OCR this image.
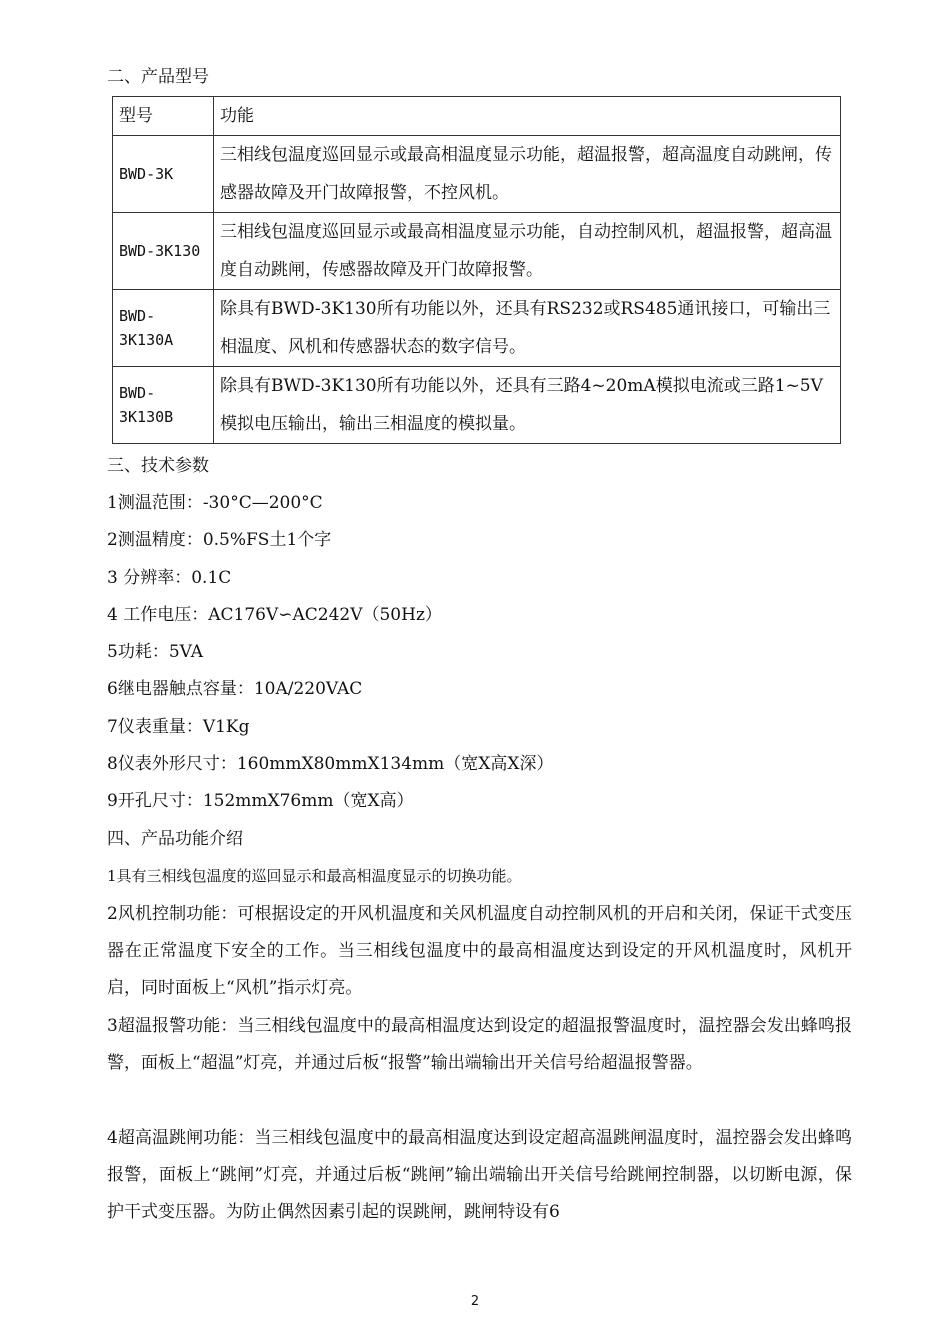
二、产品型号
型号	功能
BWD-3K	三相线包温度巡回显示或最高相温度显示功能，超温报警，超高温度自动跳闸，传感器故障及开门故障报警，不控风机。
BWD-3K130	三相线包温度巡回显示或最高相温度显示功能，自动控制风机，超温报警，超高温度自动跳闸，传感器故障及开门故障报警。
BWD-3K130A	除具有BWD-3K130所有功能以外，还具有RS232或RS485通讯接口，可输出三相温度、风机和传感器状态的数字信号。
BWD-3K130B	除具有BWD-3K130所有功能以外，还具有三路4~20mA模拟电流或三路1~5V模拟电压输出，输出三相温度的模拟量。
三、技术参数
1测温范围：-30°C—200°C
2测温精度：0.5%FS土1个字
3 分辨率：0.1C
4 工作电压：AC176V∽AC242V（50Hz）
5功耗：5VA
6继电器触点容量：10A/220VAC
7仪表重量：V1Kg
8仪表外形尺寸：160mmX80mmX134mm（宽X高X深）
9开孔尺寸：152mmX76mm（宽X高）
四、产品功能介绍
1具有三相线包温度的巡回显示和最高相温度显示的切换功能。
2风机控制功能：可根据设定的开风机温度和关风机温度自动控制风机的开启和关闭，保证干式变压器在正常温度下安全的工作。当三相线包温度中的最高相温度达到设定的开风机温度时，风机开启，同时面板上“风机”指示灯亮。
3超温报警功能：当三相线包温度中的最高相温度达到设定的超温报警温度时，温控器会发出蜂鸣报警，面板上“超温”灯亮，并通过后板“报警”输出端输出开关信号给超温报警器。
4超高温跳闸功能：当三相线包温度中的最高相温度达到设定超高温跳闸温度时，温控器会发出蜂鸣报警，面板上“跳闸”灯亮，并通过后板“跳闸”输出端输出开关信号给跳闸控制器，以切断电源，保护干式变压器。为防止偶然因素引起的误跳闸，跳闸特设有6
2
